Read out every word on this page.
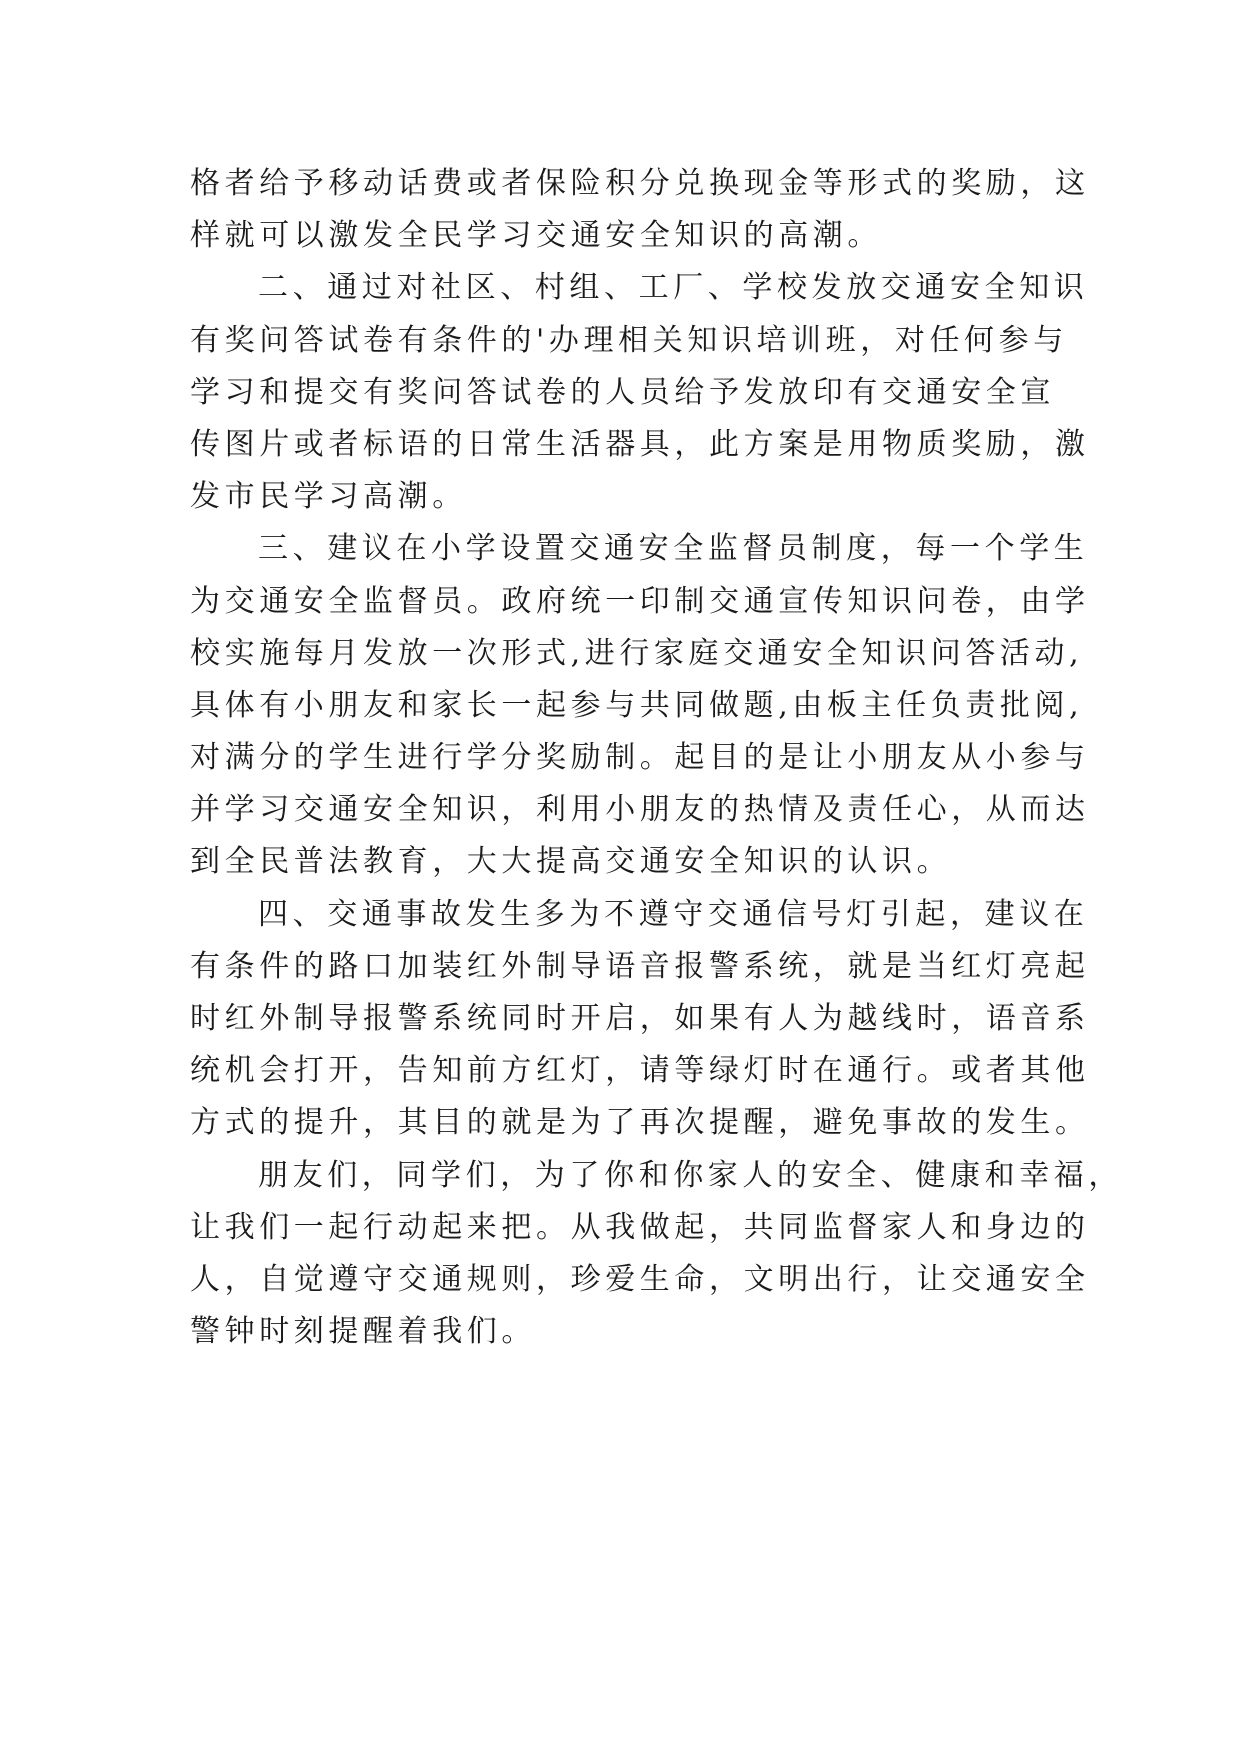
格者给予移动话费或者保险积分兑换现金等形式的奖励，这
样就可以激发全民学习交通安全知识的高潮。
二、通过对社区、村组、工厂、学校发放交通安全知识
有奖问答试卷有条件的'办理相关知识培训班，对任何参与
学习和提交有奖问答试卷的人员给予发放印有交通安全宣
传图片或者标语的日常生活器具，此方案是用物质奖励，激
发市民学习高潮。
三、建议在小学设置交通安全监督员制度，每一个学生
为交通安全监督员。政府统一印制交通宣传知识问卷，由学
校实施每月发放一次形式,进行家庭交通安全知识问答活动,
具体有小朋友和家长一起参与共同做题,由板主任负责批阅,
对满分的学生进行学分奖励制。起目的是让小朋友从小参与
并学习交通安全知识，利用小朋友的热情及责任心，从而达
到全民普法教育，大大提高交通安全知识的认识。
四、交通事故发生多为不遵守交通信号灯引起，建议在
有条件的路口加装红外制导语音报警系统，就是当红灯亮起
时红外制导报警系统同时开启，如果有人为越线时，语音系
统机会打开，告知前方红灯，请等绿灯时在通行。或者其他
方式的提升，其目的就是为了再次提醒，避免事故的发生。
朋友们，同学们，为了你和你家人的安全、健康和幸福，
让我们一起行动起来把。从我做起，共同监督家人和身边的
人，自觉遵守交通规则，珍爱生命，文明出行，让交通安全
警钟时刻提醒着我们。
